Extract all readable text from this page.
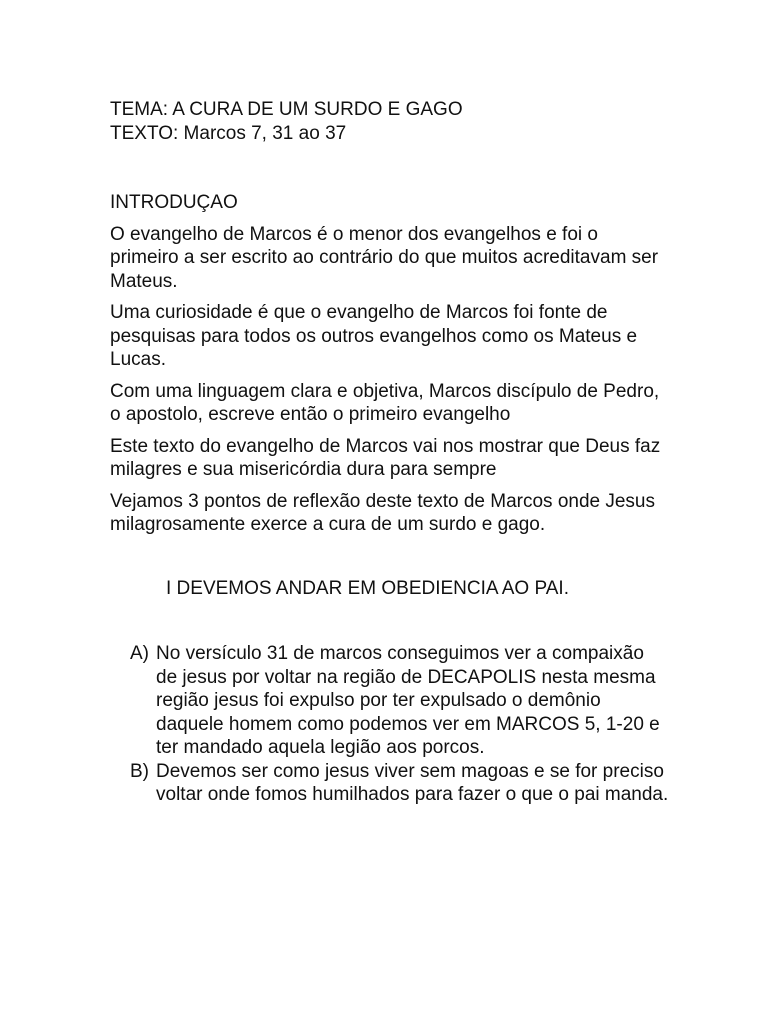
TEMA: A CURA DE UM SURDO E GAGO
TEXTO: Marcos 7, 31 ao 37
INTRODUÇAO

O evangelho de Marcos é o menor dos evangelhos e foi o primeiro a ser escrito ao contrário do que muitos acreditavam ser Mateus.

Uma curiosidade é que o evangelho de Marcos foi fonte de pesquisas para todos os outros evangelhos como os Mateus e Lucas.

Com uma linguagem clara e objetiva, Marcos discípulo de Pedro, o apostolo, escreve então o primeiro evangelho

Este texto do evangelho de Marcos vai nos mostrar que Deus faz milagres e sua misericórdia dura para sempre

Vejamos 3 pontos de reflexão deste texto de Marcos onde Jesus milagrosamente exerce a cura de um surdo e gago.

I DEVEMOS ANDAR EM OBEDIENCIA AO PAI.
A) No versículo 31 de marcos conseguimos ver a compaixão de jesus por voltar na região de DECAPOLIS nesta mesma região jesus foi expulso por ter expulsado o demônio daquele homem como podemos ver em MARCOS 5, 1-20 e ter mandado aquela legião aos porcos.
B) Devemos ser como jesus viver sem magoas e se for preciso voltar onde fomos humilhados para fazer o que o pai manda.
